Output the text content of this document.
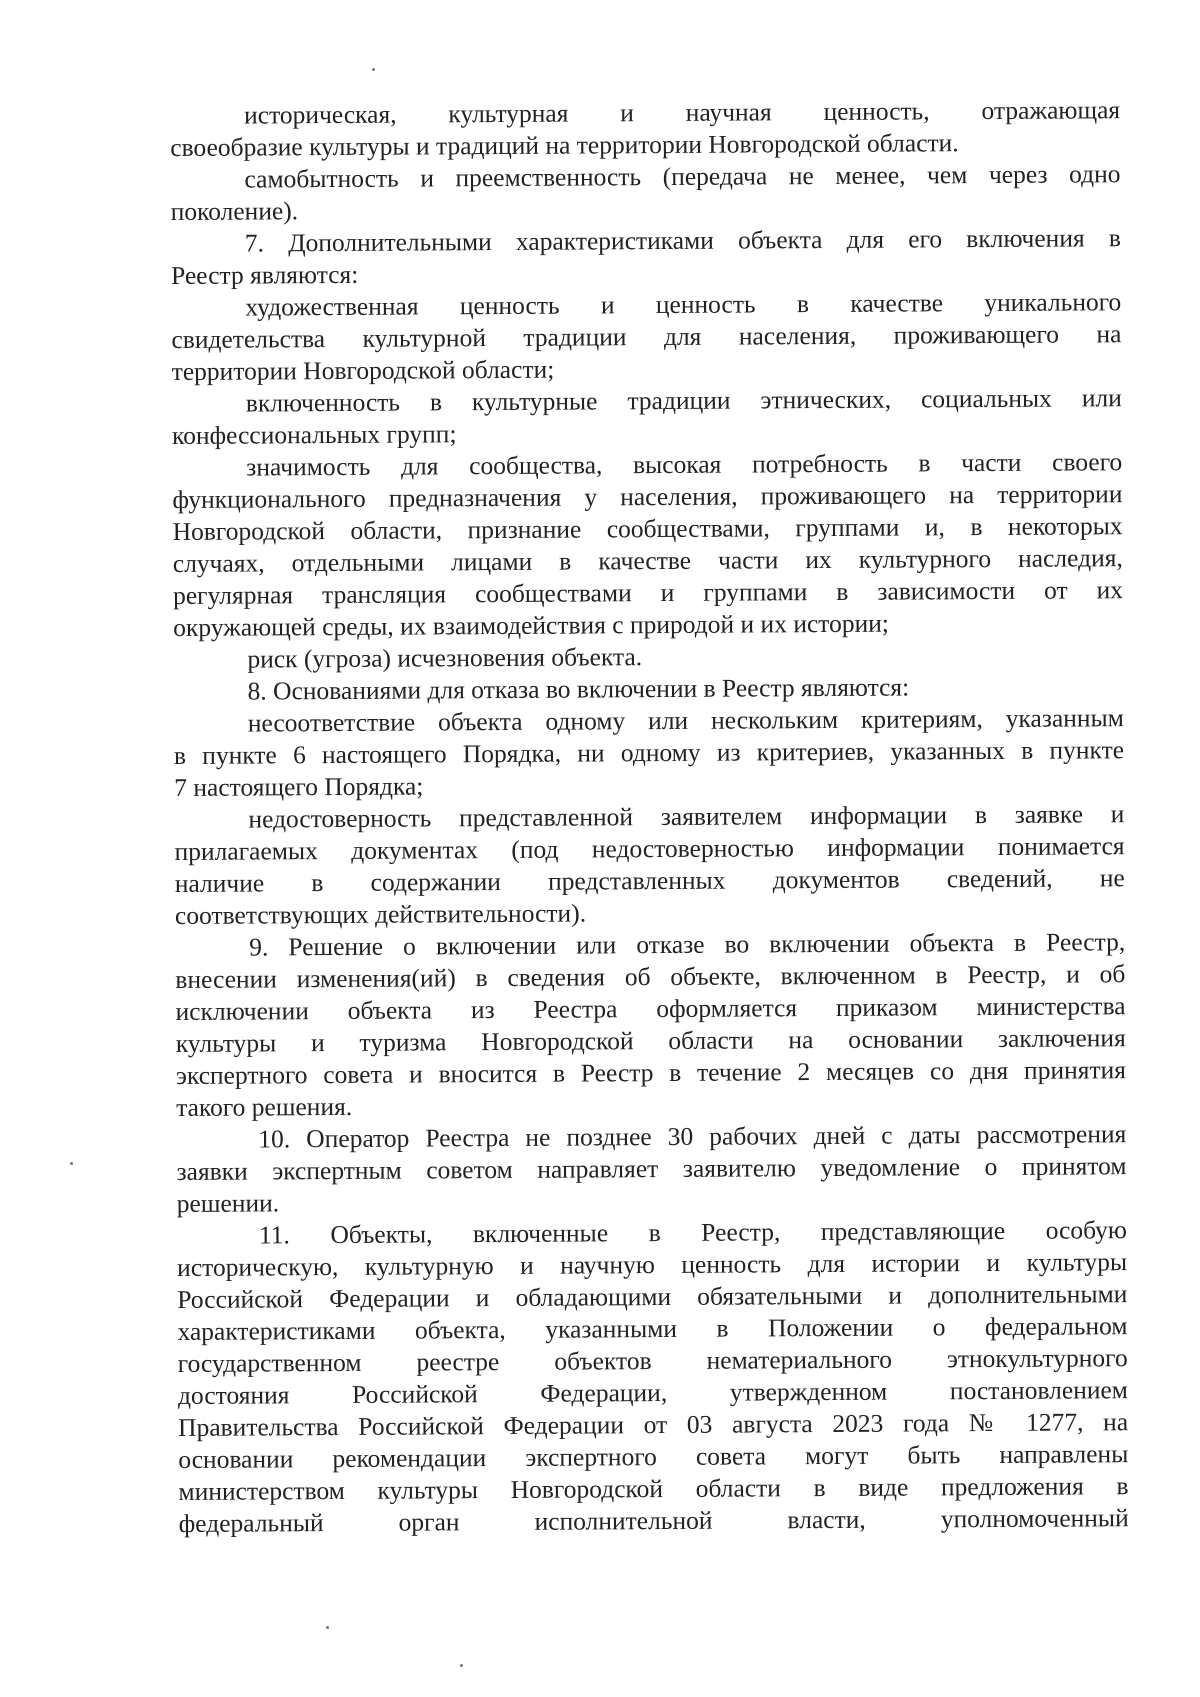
историческая, культурная и научная ценность, отражающая
своеобразие культуры и традиций на территории Новгородской области.
самобытность и преемственность (передача не менее, чем через одно
поколение).
7. Дополнительными характеристиками объекта для его включения в
Реестр являются:
художественная ценность и ценность в качестве уникального
свидетельства культурной традиции для населения, проживающего на
территории Новгородской области;
включенность в культурные традиции этнических, социальных или
конфессиональных групп;
значимость для сообщества, высокая потребность в части своего
функционального предназначения у населения, проживающего на территории
Новгородской области, признание сообществами, группами и, в некоторых
случаях, отдельными лицами в качестве части их культурного наследия,
регулярная трансляция сообществами и группами в зависимости от их
окружающей среды, их взаимодействия с природой и их истории;
риск (угроза) исчезновения объекта.
8. Основаниями для отказа во включении в Реестр являются:
несоответствие объекта одному или нескольким критериям, указанным
в пункте 6 настоящего Порядка, ни одному из критериев, указанных в пункте
7 настоящего Порядка;
недостоверность представленной заявителем информации в заявке и
прилагаемых документах (под недостоверностью информации понимается
наличие в содержании представленных документов сведений, не
соответствующих действительности).
9. Решение о включении или отказе во включении объекта в Реестр,
внесении изменения(ий) в сведения об объекте, включенном в Реестр, и об
исключении объекта из Реестра оформляется приказом министерства
культуры и туризма Новгородской области на основании заключения
экспертного совета и вносится в Реестр в течение 2 месяцев со дня принятия
такого решения.
10. Оператор Реестра не позднее 30 рабочих дней с даты рассмотрения
заявки экспертным советом направляет заявителю уведомление о принятом
решении.
11. Объекты, включенные в Реестр, представляющие особую
историческую, культурную и научную ценность для истории и культуры
Российской Федерации и обладающими обязательными и дополнительными
характеристиками объекта, указанными в Положении о федеральном
государственном реестре объектов нематериального этнокультурного
достояния Российской Федерации, утвержденном постановлением
Правительства Российской Федерации от 03 августа 2023 года № 1277, на
основании рекомендации экспертного совета могут быть направлены
министерством культуры Новгородской области в виде предложения в
федеральный орган исполнительной власти, уполномоченный
